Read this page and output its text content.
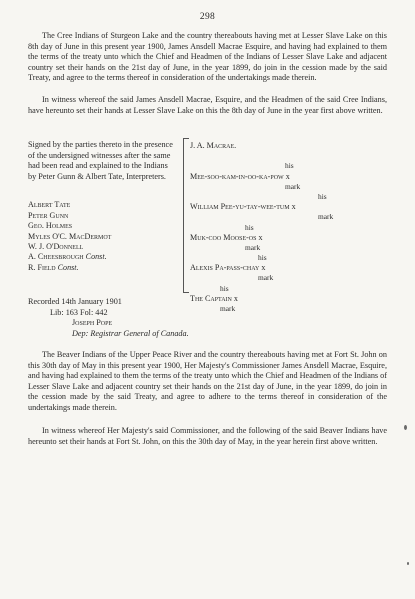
298

The Cree Indians of Sturgeon Lake and the country thereabouts having met at Lesser Slave Lake on this 8th day of June in this present year 1900, James Ansdell Macrae Esquire, and having had explained to them the terms of the treaty unto which the Chief and Headmen of the Indians of Lesser Slave Lake and adjacent country set their hands on the 21st day of June, in the year 1899, do join in the cession made by the said Treaty, and agree to the terms thereof in consideration of the undertakings made therein.

In witness whereof the said James Ansdell Macrae, Esquire, and the Headmen of the said Cree Indians, have hereunto set their hands at Lesser Slave Lake on this the 8th day of June in the year first above written.

Signed by the parties thereto in the presence of the undersigned witnesses after the same had been read and explained to the Indians by Peter Gunn & Albert Tate, Interpreters.

Albert Tate
Peter Gunn
Geo. Holmes
Myles O'C. MacDermot
W. J. O'Donnell
A. Cheesbrough Const.
R. Field Const.
J. A. Macrae.
his
Mee-soo-kam-in-oo-ka-pow x
mark
his
William Pee-yu-tay-wee-tum x
mark
his
Muk-coo Moose-os x
mark
his
Alexis Pa-pass-chay x
mark
his
The Captain x
mark
Recorded 14th January 1901
Lib: 163 Fol: 442
Joseph Pope
Dep: Registrar General of Canada.

The Beaver Indians of the Upper Peace River and the country thereabouts having met at Fort St. John on this 30th day of May in this present year 1900, Her Majesty's Commissioner James Ansdell Macrae, Esquire, and having had explained to them the terms of the treaty unto which the Chief and Headmen of the Indians of Lesser Slave Lake and adjacent country set their hands on the 21st day of June, in the year 1899, do join in the cession made by the said Treaty, and agree to adhere to the terms thereof in consideration of the undertakings made therein.

In witness whereof Her Majesty's said Commissioner, and the following of the said Beaver Indians have hereunto set their hands at Fort St. John, on this the 30th day of May, in the year herein first above written.
